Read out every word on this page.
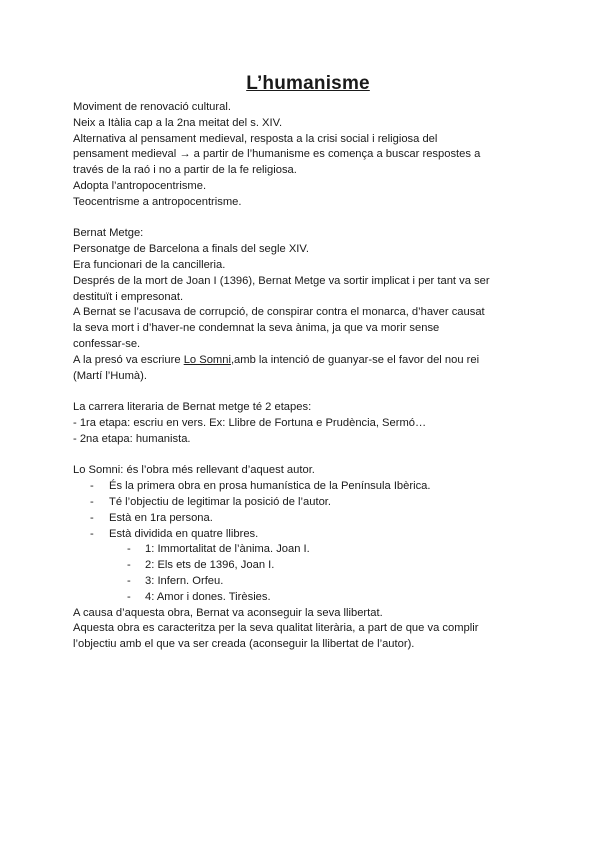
L’humanisme
Moviment de renovació cultural.
Neix a Itàlia cap a la 2na meitat del s. XIV.
Alternativa al pensament medieval, resposta a la crisi social i religiosa del
pensament medieval → a partir de l’humanisme es comença a buscar respostes a
través de la raó i no a partir de la fe religiosa.
Adopta l’antropocentrisme.
Teocentrisme a antropocentrisme.
Bernat Metge:
Personatge de Barcelona a finals del segle XIV.
Era funcionari de la cancilleria.
Després de la mort de Joan I (1396), Bernat Metge va sortir implicat i per tant va ser
destituït i empresonat.
A Bernat se l’acusava de corrupció, de conspirar contra el monarca, d’haver causat
la seva mort i d’haver-ne condemnat la seva ànima, ja que va morir sense
confessar-se.
A la presó va escriure Lo Somni,amb la intenció de guanyar-se el favor del nou rei
(Martí l’Humà).
La carrera literaria de Bernat metge té 2 etapes:
- 1ra etapa: escriu en vers. Ex: Llibre de Fortuna e Prudència, Sermó…
- 2na etapa: humanista.
Lo Somni: és l’obra més rellevant d’aquest autor.
- És la primera obra en prosa humanística de la Península Ibèrica.
- Té l’objectiu de legitimar la posició de l’autor.
- Està en 1ra persona.
- Està dividida en quatre llibres.
- 1: Immortalitat de l’ànima. Joan I.
- 2: Els ets de 1396, Joan I.
- 3: Infern. Orfeu.
- 4: Amor i dones. Tirèsies.
A causa d’aquesta obra, Bernat va aconseguir la seva llibertat.
Aquesta obra es caracteritza per la seva qualitat literària, a part de que va complir
l’objectiu amb el que va ser creada (aconseguir la llibertat de l’autor).
